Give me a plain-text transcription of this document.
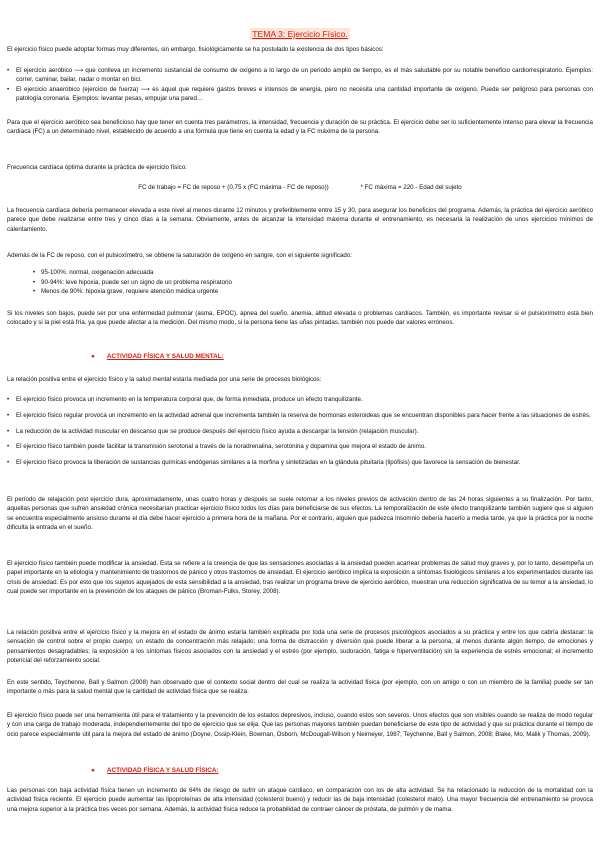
TEMA 3: Ejercicio Físico.

El ejercicio físico puede adoptar formas muy diferentes, sin embargo, fisiológicamente se ha postulado la existencia de dos tipos básicos:

• El ejercicio aeróbico ⟶ que conlleva un incremento sustancial de consumo de oxígeno a lo largo de un periodo amplio de tiempo, es el más saludable por su notable beneficio cardiorrespiratorio. Ejemplos: correr, caminar, bailar, nadar o montar en bici.
• El ejercicio anaeróbico (ejercicio de fuerza) ⟶ es aquel que requiere gastos breves e intensos de energía, pero no necesita una cantidad importante de oxígeno. Puede ser peligroso para personas con patología coronaria. Ejemplos: levantar pesas, empujar una pared…

Para que el ejercicio aeróbico sea beneficioso hay que tener en cuenta tres parámetros, la intensidad, frecuencia y duración de su práctica. El ejercicio debe ser lo suficientemente intenso para elevar la frecuencia cardíaca (FC) a un determinado nivel, establecido de acuerdo a una fórmula que tiene en cuenta la edad y la FC máxima de la persona.

Frecuencia cardíaca óptima durante la práctica de ejercicio físico:

FC de trabajo = FC de reposo + (0,75 x (FC máxima - FC de reposo))	* FC máxima = 220 - Edad del sujeto

La frecuencia cardíaca debería permanecer elevada a este nivel al menos durante 12 minutos y preferiblemente entre 15 y 30, para asegurar los beneficios del programa. Además, la práctica del ejercicio aeróbico parece que debe realizarse entre tres y cinco días a la semana. Obviamente, antes de alcanzar la intensidad máxima durante el entrenamiento, es necesaria la realización de unos ejercicios mínimos de calentamiento.

Además de la FC de reposo, con el pulsioxímetro, se obtiene la saturación de oxígeno en sangre, con el siguiente significado:

• 95-100%: normal, oxigenación adecuada
• 90-94%: leve hipoxia, puede ser un signo de un problema respiratorio
• Menos de 90%: hipoxia grave, requiere atención médica urgente

Si los niveles son bajos, puede ser por una enfermedad pulmonar (asma, EPOC), apnea del sueño, anemia, altitud elevada o problemas cardíacos. También, es importante revisar si el pulsioxímetro está bien colocado y si la piel está fría, ya que puede afectar a la medición. Del mismo modo, si la persona tiene las uñas pintadas, también nos puede dar valores erróneos.

● ACTIVIDAD FÍSICA Y SALUD MENTAL:

La relación positiva entre el ejercicio físico y la salud mental estaría mediada por una serie de procesos biológicos:

• El ejercicio físico provoca un incremento en la temperatura corporal que, de forma inmediata, produce un efecto tranquilizante.
• El ejercicio físico regular provoca un incremento en la actividad adrenal que incrementa también la reserva de hormonas esteroideas que se encuentran disponibles para hacer frente a las situaciones de estrés.
• La reducción de la actividad muscular en descanso que se produce después del ejercicio físico ayuda a descargar la tensión (relajación muscular).
• El ejercicio físico también puede facilitar la transmisión serotonal a través de la noradrenalina, serotonina y dopamina que mejora el estado de ánimo.
• El ejercicio físico provoca la liberación de sustancias químicas endógenas similares a la morfina y sintetizadas en la glándula pituitaria (lipófisis) que favorece la sensación de bienestar.

El período de relajación post ejercicio dura, aproximadamente, unas cuatro horas y después se suele retornar a los niveles previos de activación dentro de las 24 horas siguientes a su finalización. Por tanto, aquellas personas que sufren ansiedad crónica necesitarían practicar ejercicio físico todos los días para beneficiarse de sus efectos. La temporalización de este efecto tranquilizante también sugiere que si alguien se encuentra especialmente ansioso durante el día debe hacer ejercicio a primera hora de la mañana. Por el contrario, alguien que padezca insomnio debería hacerlo a media tarde, ya que la práctica por la noche dificulta la entrada en el sueño.

El ejercicio físico también puede modificar la ansiedad. Esta se refiere a la creencia de que las sensaciones asociadas a la ansiedad pueden acarrear problemas de salud muy graves y, por lo tanto, desempeña un papel importante en la etiología y mantenimiento de trastornos de pánico y otros trastornos de ansiedad. El ejercicio aeróbico implica la exposición a síntomas fisiológicos similares a los experimentados durante las crisis de ansiedad. Es por esto que los sujetos aquejados de esta sensibilidad a la ansiedad, tras realizar un programa breve de ejercicio aeróbico, muestran una reducción significativa de su temor a la ansiedad, lo cual puede ser importante en la prevención de los ataques de pánico (Broman-Fulks, Storey, 2008).

La relación positiva entre el ejercicio físico y la mejora en el estado de ánimo estaría también explicada por toda una serie de procesos psicológicos asociados a su práctica y entre los que cabría destacar: la sensación de control sobre el propio cuerpo; un estado de concentración más relajado; una forma de distracción y diversión que puede liberar a la persona, al menos durante algún tiempo, de emociones y pensamientos desagradables; la exposición a los síntomas físicos asociados con la ansiedad y el estrés (por ejemplo, sudoración, fatiga e hiperventilación) sin la experiencia de estrés emocional; el incremento potencial del reforzamiento social.

En este sentido, Teychenne, Ball y Salmon (2008) han observado que el contexto social dentro del cual se realiza la actividad física (por ejemplo, con un amigo o con un miembro de la familia) puede ser tan importante o más para la salud mental que la cantidad de actividad física que se realiza.

El ejercicio físico puede ser una herramienta útil para el tratamiento y la prevención de los estados depresivos, incluso, cuando estos son severos. Unos efectos que son visibles cuando se realiza de modo regular y con una carga de trabajo moderada, independientemente del tipo de ejercicio que se elija. Que las personas mayores también puedan beneficiarse de este tipo de actividad y que su práctica durante el tiempo de ocio parece especialmente útil para la mejora del estado de ánimo (Doyne, Ossip-Klein, Bowman, Osborn, McDougall-Wilson y Neimeyer, 1987; Teychenne, Ball y Salmon, 2008; Blake, Mo, Malik y Thomas, 2009).

● ACTIVIDAD FÍSICA Y SALUD FÍSICA:

Las personas con baja actividad física tienen un incremento de 64% de riesgo de sufrir un ataque cardiaco, en comparación con los de alta actividad. Se ha relacionado la reducción de la mortalidad con la actividad física reciente. El ejercicio puede aumentar las lipoproteínas de alta intensidad (colesterol bueno) y reducir las de baja intensidad (colesterol malo). Una mayor frecuencia del entrenamiento se provoca una mejora superior a la práctica tres veces por semana. Además, la actividad física reduce la probabilidad de contraer cáncer de próstata, de pulmón y de mama.
